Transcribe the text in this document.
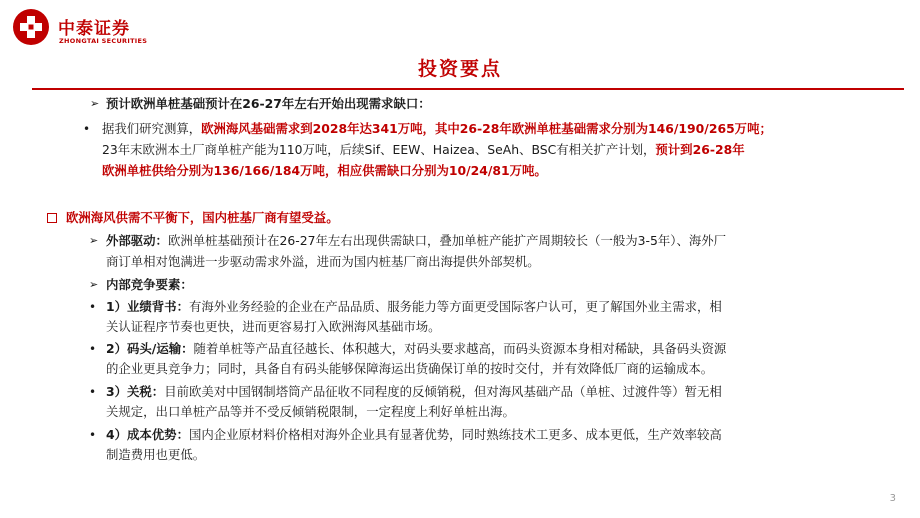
中泰证券
ZHONGTAI SECURITIES
投资要点
➢ 预计欧洲单桩基础预计在26-27年左右开始出现需求缺口：
• 据我们研究测算，欧洲海风基础需求到2028年达341万吨，其中26-28年欧洲单桩基础需求分别为146/190/265万吨；
23年末欧洲本土厂商单桩产能为110万吨，后续Sif、EEW、Haizea、SeAh、BSC有相关扩产计划，预计到26-28年
欧洲单桩供给分别为136/166/184万吨，相应供需缺口分别为10/24/81万吨。
欧洲海风供需不平衡下，国内桩基厂商有望受益。
➢ 外部驱动：欧洲单桩基础预计在26-27年左右出现供需缺口，叠加单桩产能扩产周期较长（一般为3-5年）、海外厂
商订单相对饱满进一步驱动需求外溢，进而为国内桩基厂商出海提供外部契机。
➢ 内部竞争要素：
• 1）业绩背书：有海外业务经验的企业在产品品质、服务能力等方面更受国际客户认可，更了解国外业主需求，相
关认证程序节奏也更快，进而更容易打入欧洲海风基础市场。
• 2）码头/运输：随着单桩等产品直径越长、体积越大，对码头要求越高，而码头资源本身相对稀缺，具备码头资源
的企业更具竞争力；同时，具备自有码头能够保障海运出货确保订单的按时交付，并有效降低厂商的运输成本。
• 3）关税：目前欧美对中国钢制塔筒产品征收不同程度的反倾销税，但对海风基础产品（单桩、过渡件等）暂无相
关规定，出口单桩产品等并不受反倾销税限制，一定程度上利好单桩出海。
• 4）成本优势：国内企业原材料价格相对海外企业具有显著优势，同时熟练技术工更多、成本更低，生产效率较高
制造费用也更低。
3
